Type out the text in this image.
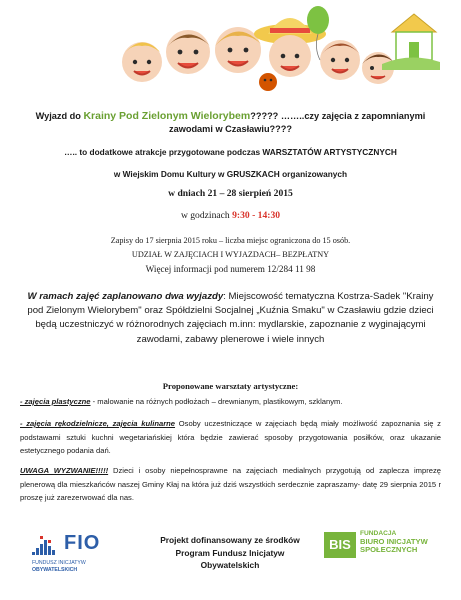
Wyjazd do Krainy Pod Zielonym Wielorybem????? ……..czy zajęcia z zapomnianymi
zawodami w Czasławiu????
….. to dodatkowe atrakcje przygotowane podczas WARSZTATÓW ARTYSTYCZNYCH
w Wiejskim Domu Kultury w GRUSZKACH organizowanych
w dniach 21 – 28 sierpień 2015
w godzinach 9:30 - 14:30
Zapisy do 17 sierpnia 2015 roku – liczba miejsc ograniczona do 15 osób.
UDZIAŁ W ZAJĘCIACH I WYJAZDACH– BEZPŁATNY
Więcej informacji pod numerem 12/284 11 98
W ramach zajęć zaplanowano dwa wyjazdy: Miejscowość tematyczna Kostrza-Sadek "Krainy pod Zielonym Wielorybem" oraz Spółdzielni Socjalnej „Kuźnia Smaku" w Czasławiu gdzie dzieci będą uczestniczyć w różnorodnych zajęciach m.inn: mydlarskie, zapoznanie z wyginającymi zawodami, zabawy plenerowe i wiele innych
Proponowane warsztaty artystyczne:
- zajęcia plastyczne - malowanie na różnych podłożach – drewnianym, plastikowym, szklanym.
- zajęcia rękodzielnicze, zajęcia kulinarne Osoby uczestniczące w zajęciach będą miały możliwość zapoznania się z podstawami sztuki kuchni wegetariańskiej która będzie zawierać sposoby przygotowania posiłków, oraz ukazanie estetycznego podania dań.
UWAGA WYZWANIE!!!!! Dzieci i osoby niepełnosprawne na zajęciach medialnych przygotują od zaplecza imprezę plenerową dla mieszkańców naszej Gminy Kłaj na która już dziś wszystkich serdecznie zapraszamy- datę 29 sierpnia 2015 r proszę już zarezerwować dla nas.
FIO
FUNDUSZ INICJATYW
OBYWATELSKICH
Projekt dofinansowany ze środków
Program Fundusz Inicjatyw
Obywatelskich
BIS
FUNDACJA
BIURO INICJATYW
SPOŁECZNYCH
